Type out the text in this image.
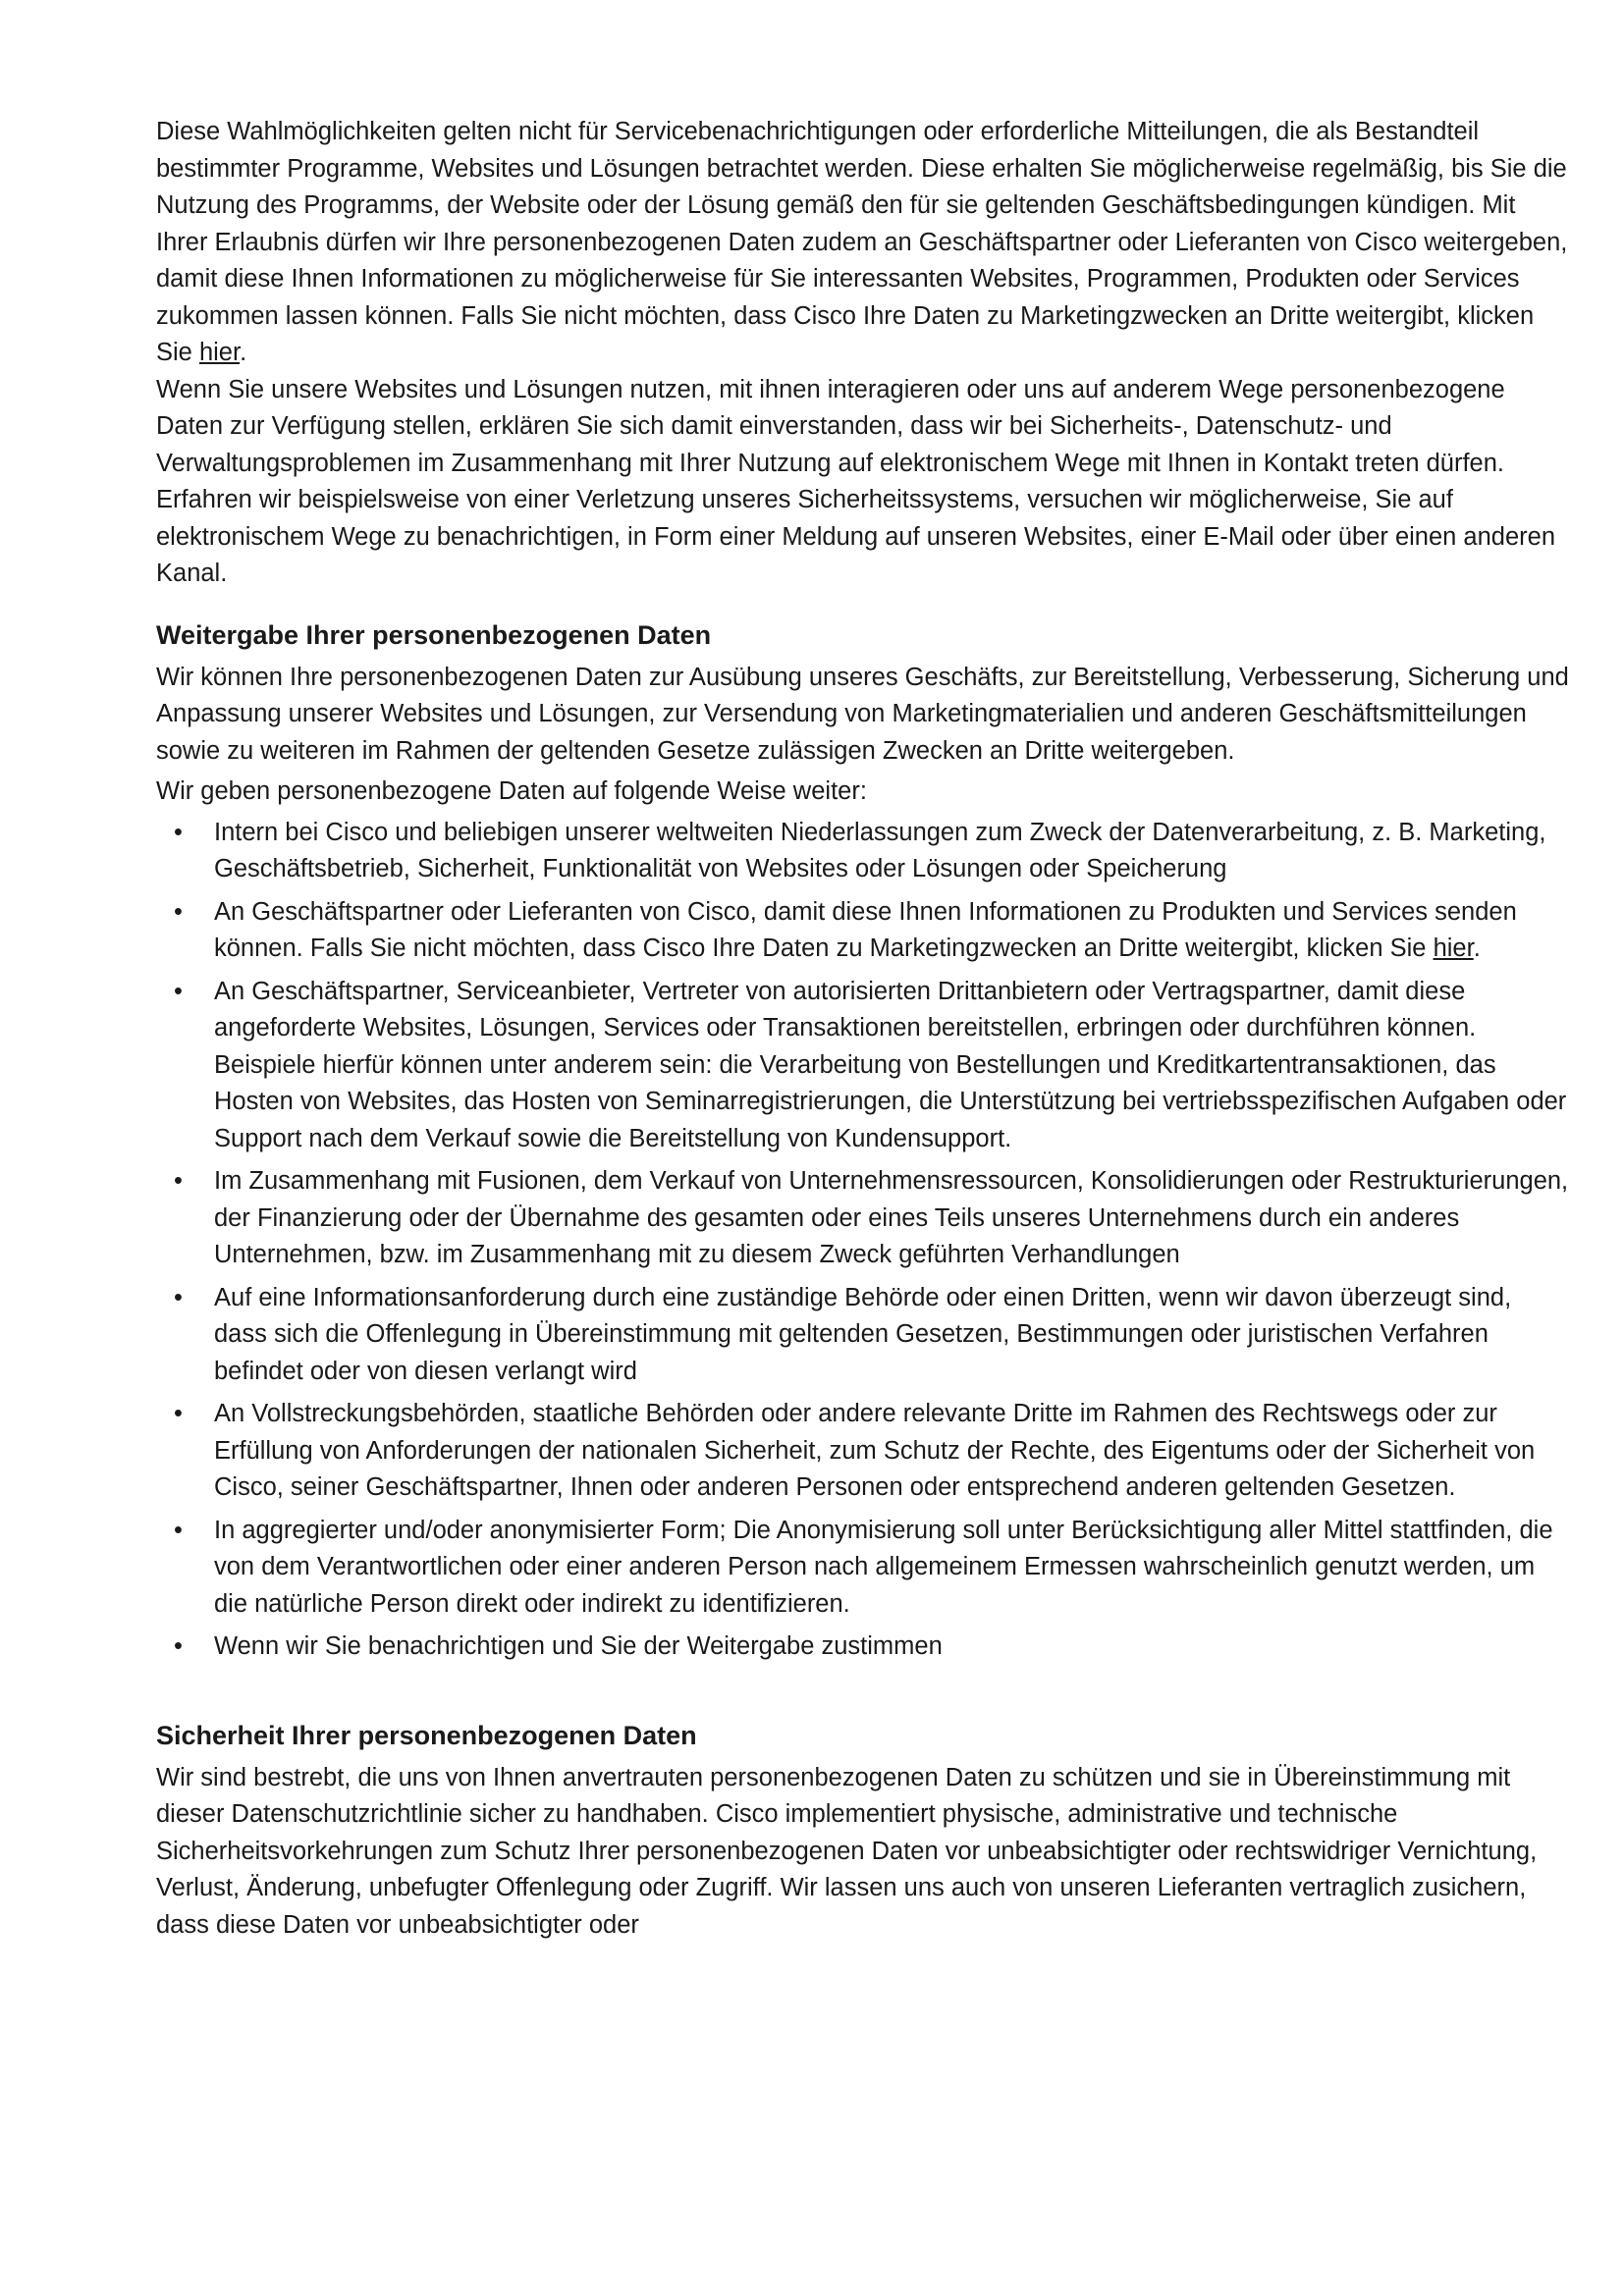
Diese Wahlmöglichkeiten gelten nicht für Servicebenachrichtigungen oder erforderliche Mitteilungen, die als Bestandteil bestimmter Programme, Websites und Lösungen betrachtet werden. Diese erhalten Sie möglicherweise regelmäßig, bis Sie die Nutzung des Programms, der Website oder der Lösung gemäß den für sie geltenden Geschäftsbedingungen kündigen. Mit Ihrer Erlaubnis dürfen wir Ihre personenbezogenen Daten zudem an Geschäftspartner oder Lieferanten von Cisco weitergeben, damit diese Ihnen Informationen zu möglicherweise für Sie interessanten Websites, Programmen, Produkten oder Services zukommen lassen können. Falls Sie nicht möchten, dass Cisco Ihre Daten zu Marketingzwecken an Dritte weitergibt, klicken Sie hier.

Wenn Sie unsere Websites und Lösungen nutzen, mit ihnen interagieren oder uns auf anderem Wege personenbezogene Daten zur Verfügung stellen, erklären Sie sich damit einverstanden, dass wir bei Sicherheits-, Datenschutz- und Verwaltungsproblemen im Zusammenhang mit Ihrer Nutzung auf elektronischem Wege mit Ihnen in Kontakt treten dürfen. Erfahren wir beispielsweise von einer Verletzung unseres Sicherheitssystems, versuchen wir möglicherweise, Sie auf elektronischem Wege zu benachrichtigen, in Form einer Meldung auf unseren Websites, einer E-Mail oder über einen anderen Kanal.

Weitergabe Ihrer personenbezogenen Daten

Wir können Ihre personenbezogenen Daten zur Ausübung unseres Geschäfts, zur Bereitstellung, Verbesserung, Sicherung und Anpassung unserer Websites und Lösungen, zur Versendung von Marketingmaterialien und anderen Geschäftsmitteilungen sowie zu weiteren im Rahmen der geltenden Gesetze zulässigen Zwecken an Dritte weitergeben.

Wir geben personenbezogene Daten auf folgende Weise weiter:

• Intern bei Cisco und beliebigen unserer weltweiten Niederlassungen zum Zweck der Datenverarbeitung, z. B. Marketing, Geschäftsbetrieb, Sicherheit, Funktionalität von Websites oder Lösungen oder Speicherung
• An Geschäftspartner oder Lieferanten von Cisco, damit diese Ihnen Informationen zu Produkten und Services senden können. Falls Sie nicht möchten, dass Cisco Ihre Daten zu Marketingzwecken an Dritte weitergibt, klicken Sie hier.
• An Geschäftspartner, Serviceanbieter, Vertreter von autorisierten Drittanbietern oder Vertragspartner, damit diese angeforderte Websites, Lösungen, Services oder Transaktionen bereitstellen, erbringen oder durchführen können. Beispiele hierfür können unter anderem sein: die Verarbeitung von Bestellungen und Kreditkartentransaktionen, das Hosten von Websites, das Hosten von Seminarregistrierungen, die Unterstützung bei vertriebsspezifischen Aufgaben oder Support nach dem Verkauf sowie die Bereitstellung von Kundensupport.
• Im Zusammenhang mit Fusionen, dem Verkauf von Unternehmensressourcen, Konsolidierungen oder Restrukturierungen, der Finanzierung oder der Übernahme des gesamten oder eines Teils unseres Unternehmens durch ein anderes Unternehmen, bzw. im Zusammenhang mit zu diesem Zweck geführten Verhandlungen
• Auf eine Informationsanforderung durch eine zuständige Behörde oder einen Dritten, wenn wir davon überzeugt sind, dass sich die Offenlegung in Übereinstimmung mit geltenden Gesetzen, Bestimmungen oder juristischen Verfahren befindet oder von diesen verlangt wird
• An Vollstreckungsbehörden, staatliche Behörden oder andere relevante Dritte im Rahmen des Rechtswegs oder zur Erfüllung von Anforderungen der nationalen Sicherheit, zum Schutz der Rechte, des Eigentums oder der Sicherheit von Cisco, seiner Geschäftspartner, Ihnen oder anderen Personen oder entsprechend anderen geltenden Gesetzen.
• In aggregierter und/oder anonymisierter Form; Die Anonymisierung soll unter Berücksichtigung aller Mittel stattfinden, die von dem Verantwortlichen oder einer anderen Person nach allgemeinem Ermessen wahrscheinlich genutzt werden, um die natürliche Person direkt oder indirekt zu identifizieren.
• Wenn wir Sie benachrichtigen und Sie der Weitergabe zustimmen
Sicherheit Ihrer personenbezogenen Daten

Wir sind bestrebt, die uns von Ihnen anvertrauten personenbezogenen Daten zu schützen und sie in Übereinstimmung mit dieser Datenschutzrichtlinie sicher zu handhaben. Cisco implementiert physische, administrative und technische Sicherheitsvorkehrungen zum Schutz Ihrer personenbezogenen Daten vor unbeabsichtigter oder rechtswidriger Vernichtung, Verlust, Änderung, unbefugter Offenlegung oder Zugriff. Wir lassen uns auch von unseren Lieferanten vertraglich zusichern, dass diese Daten vor unbeabsichtigter oder
